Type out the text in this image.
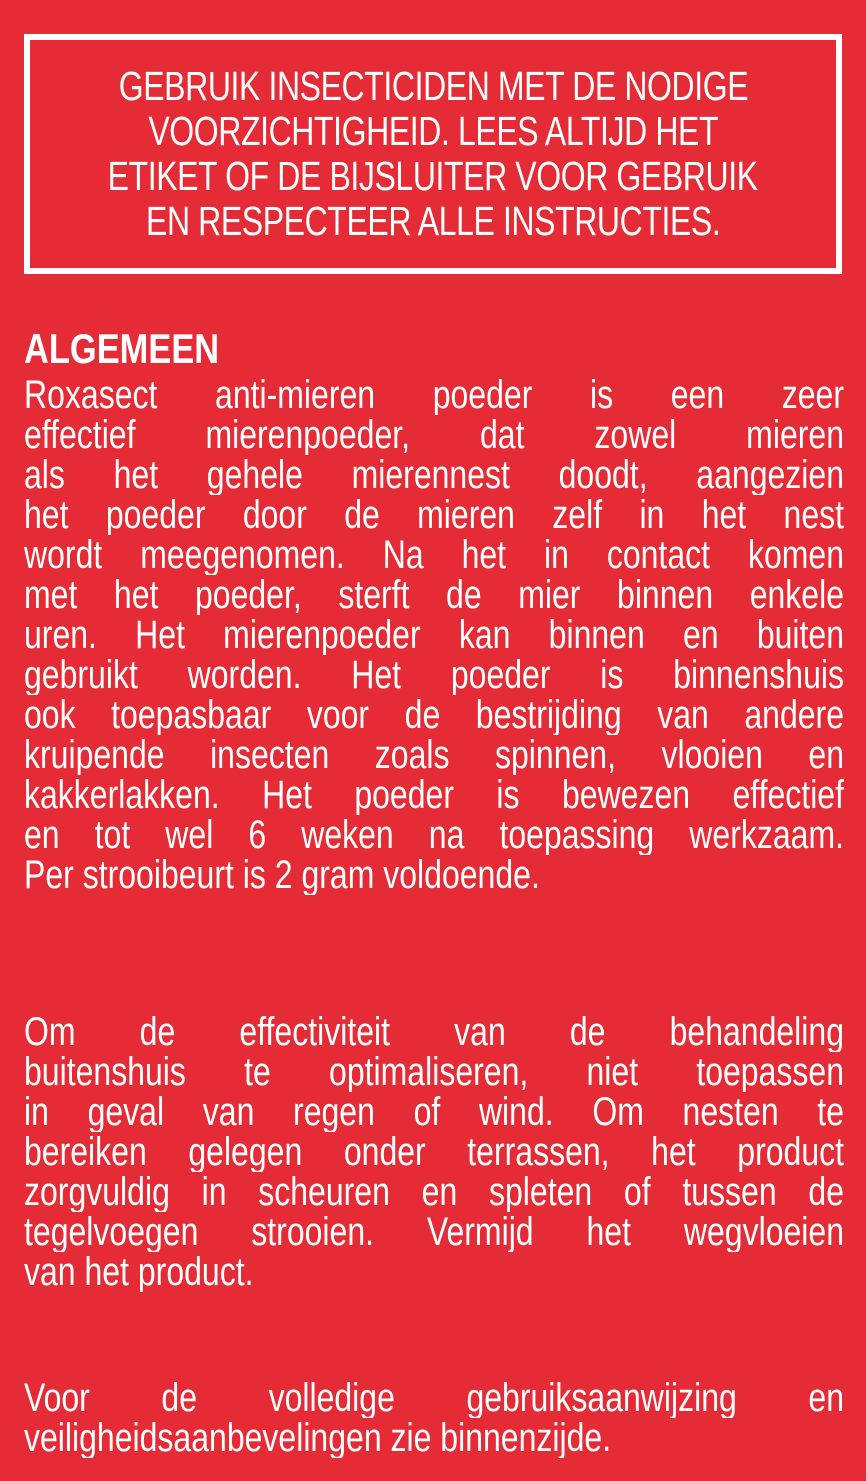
GEBRUIK INSECTICIDEN MET DE NODIGE
VOORZICHTIGHEID. LEES ALTIJD HET
ETIKET OF DE BIJSLUITER VOOR GEBRUIK
EN RESPECTEER ALLE INSTRUCTIES.
ALGEMEEN
Roxasect anti-mieren poeder is een zeer
effectief mierenpoeder, dat zowel mieren
als het gehele mierennest doodt, aangezien
het poeder door de mieren zelf in het nest
wordt meegenomen. Na het in contact komen
met het poeder, sterft de mier binnen enkele
uren. Het mierenpoeder kan binnen en buiten
gebruikt worden. Het poeder is binnenshuis
ook toepasbaar voor de bestrijding van andere
kruipende insecten zoals spinnen, vlooien en
kakkerlakken. Het poeder is bewezen effectief
en tot wel 6 weken na toepassing werkzaam.
Per strooibeurt is 2 gram voldoende.
Om de effectiviteit van de behandeling
buitenshuis te optimaliseren, niet toepassen
in geval van regen of wind. Om nesten te
bereiken gelegen onder terrassen, het product
zorgvuldig in scheuren en spleten of tussen de
tegelvoegen strooien. Vermijd het wegvloeien
van het product.
Voor de volledige gebruiksaanwijzing en
veiligheidsaanbevelingen zie binnenzijde.
